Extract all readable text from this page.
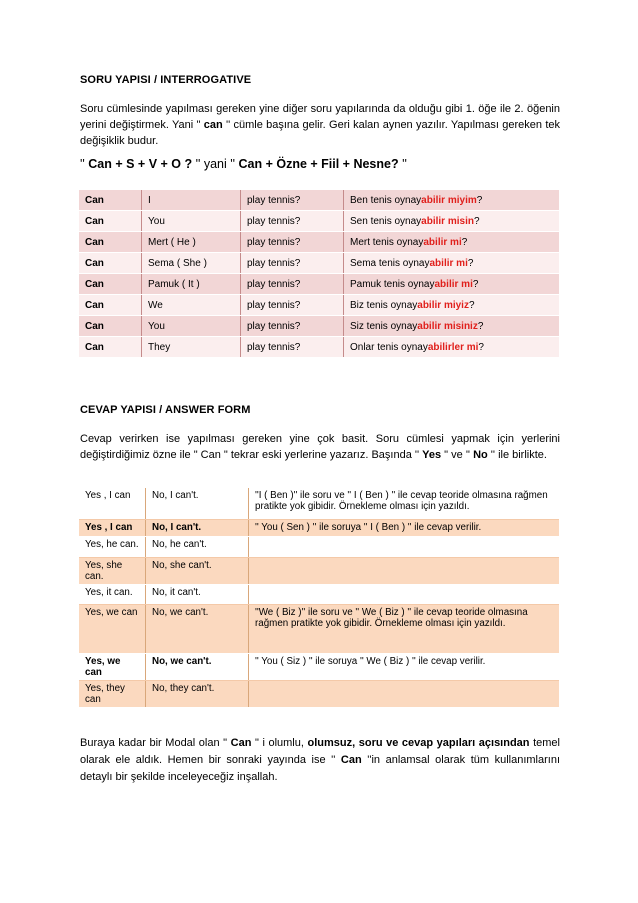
SORU YAPISI / INTERROGATIVE
Soru cümlesinde yapılması gereken yine diğer soru yapılarında da olduğu gibi 1. öğe ile 2. öğenin yerini değiştirmek. Yani " can '' cümle başına gelir. Geri kalan aynen yazılır. Yapılması gereken tek değişiklik budur.
'' Can + S + V + O ? '' yani '' Can + Özne + Fiil + Nesne? ''
Can	I	play tennis?	Ben tenis oynayabilir miyim?
Can	You	play tennis?	Sen tenis oynayabilir misin?
Can	Mert ( He )	play tennis?	Mert tenis oynayabilir mi?
Can	Sema ( She )	play tennis?	Sema tenis oynayabilir mi?
Can	Pamuk ( It )	play tennis?	Pamuk tenis oynayabilir mi?
Can	We	play tennis?	Biz tenis oynayabilir miyiz?
Can	You	play tennis?	Siz tenis oynayabilir misiniz?
Can	They	play tennis?	Onlar tenis oynayabilirler mi?
CEVAP YAPISI / ANSWER FORM
Cevap verirken ise yapılması gereken yine çok basit. Soru cümlesi yapmak için yerlerini değiştirdiğimiz özne ile " Can " tekrar eski yerlerine yazarız. Başında '' Yes " ve '' No '' ile birlikte.
Yes , I can	No, I can't.	''I ( Ben )'' ile soru ve '' I ( Ben ) '' ile cevap teoride olmasına rağmen pratikte yok gibidir. Örnekleme olması için yazıldı.
Yes , I can	No, I can't.	'' You ( Sen ) '' ile soruya '' I ( Ben ) '' ile cevap verilir.
Yes, he can.	No, he can't.	
Yes, she can.	No, she can't.	
Yes, it can.	No, it can't.	
Yes, we can	No, we can't.	''We ( Biz )'' ile soru ve '' We ( Biz ) '' ile cevap teoride olmasına rağmen pratikte yok gibidir. Örnekleme olması için yazıldı.
Yes, we can	No, we can't.	'' You ( Siz ) '' ile soruya '' We ( Biz ) '' ile cevap verilir.
Yes, they can	No, they can't.	
Buraya kadar bir Modal olan " Can " i olumlu, olumsuz, soru ve cevap yapıları açısından temel olarak ele aldık. Hemen bir sonraki yayında ise '' Can ''in anlamsal olarak tüm kullanımlarını detaylı bir şekilde inceleyeceğiz inşallah.
